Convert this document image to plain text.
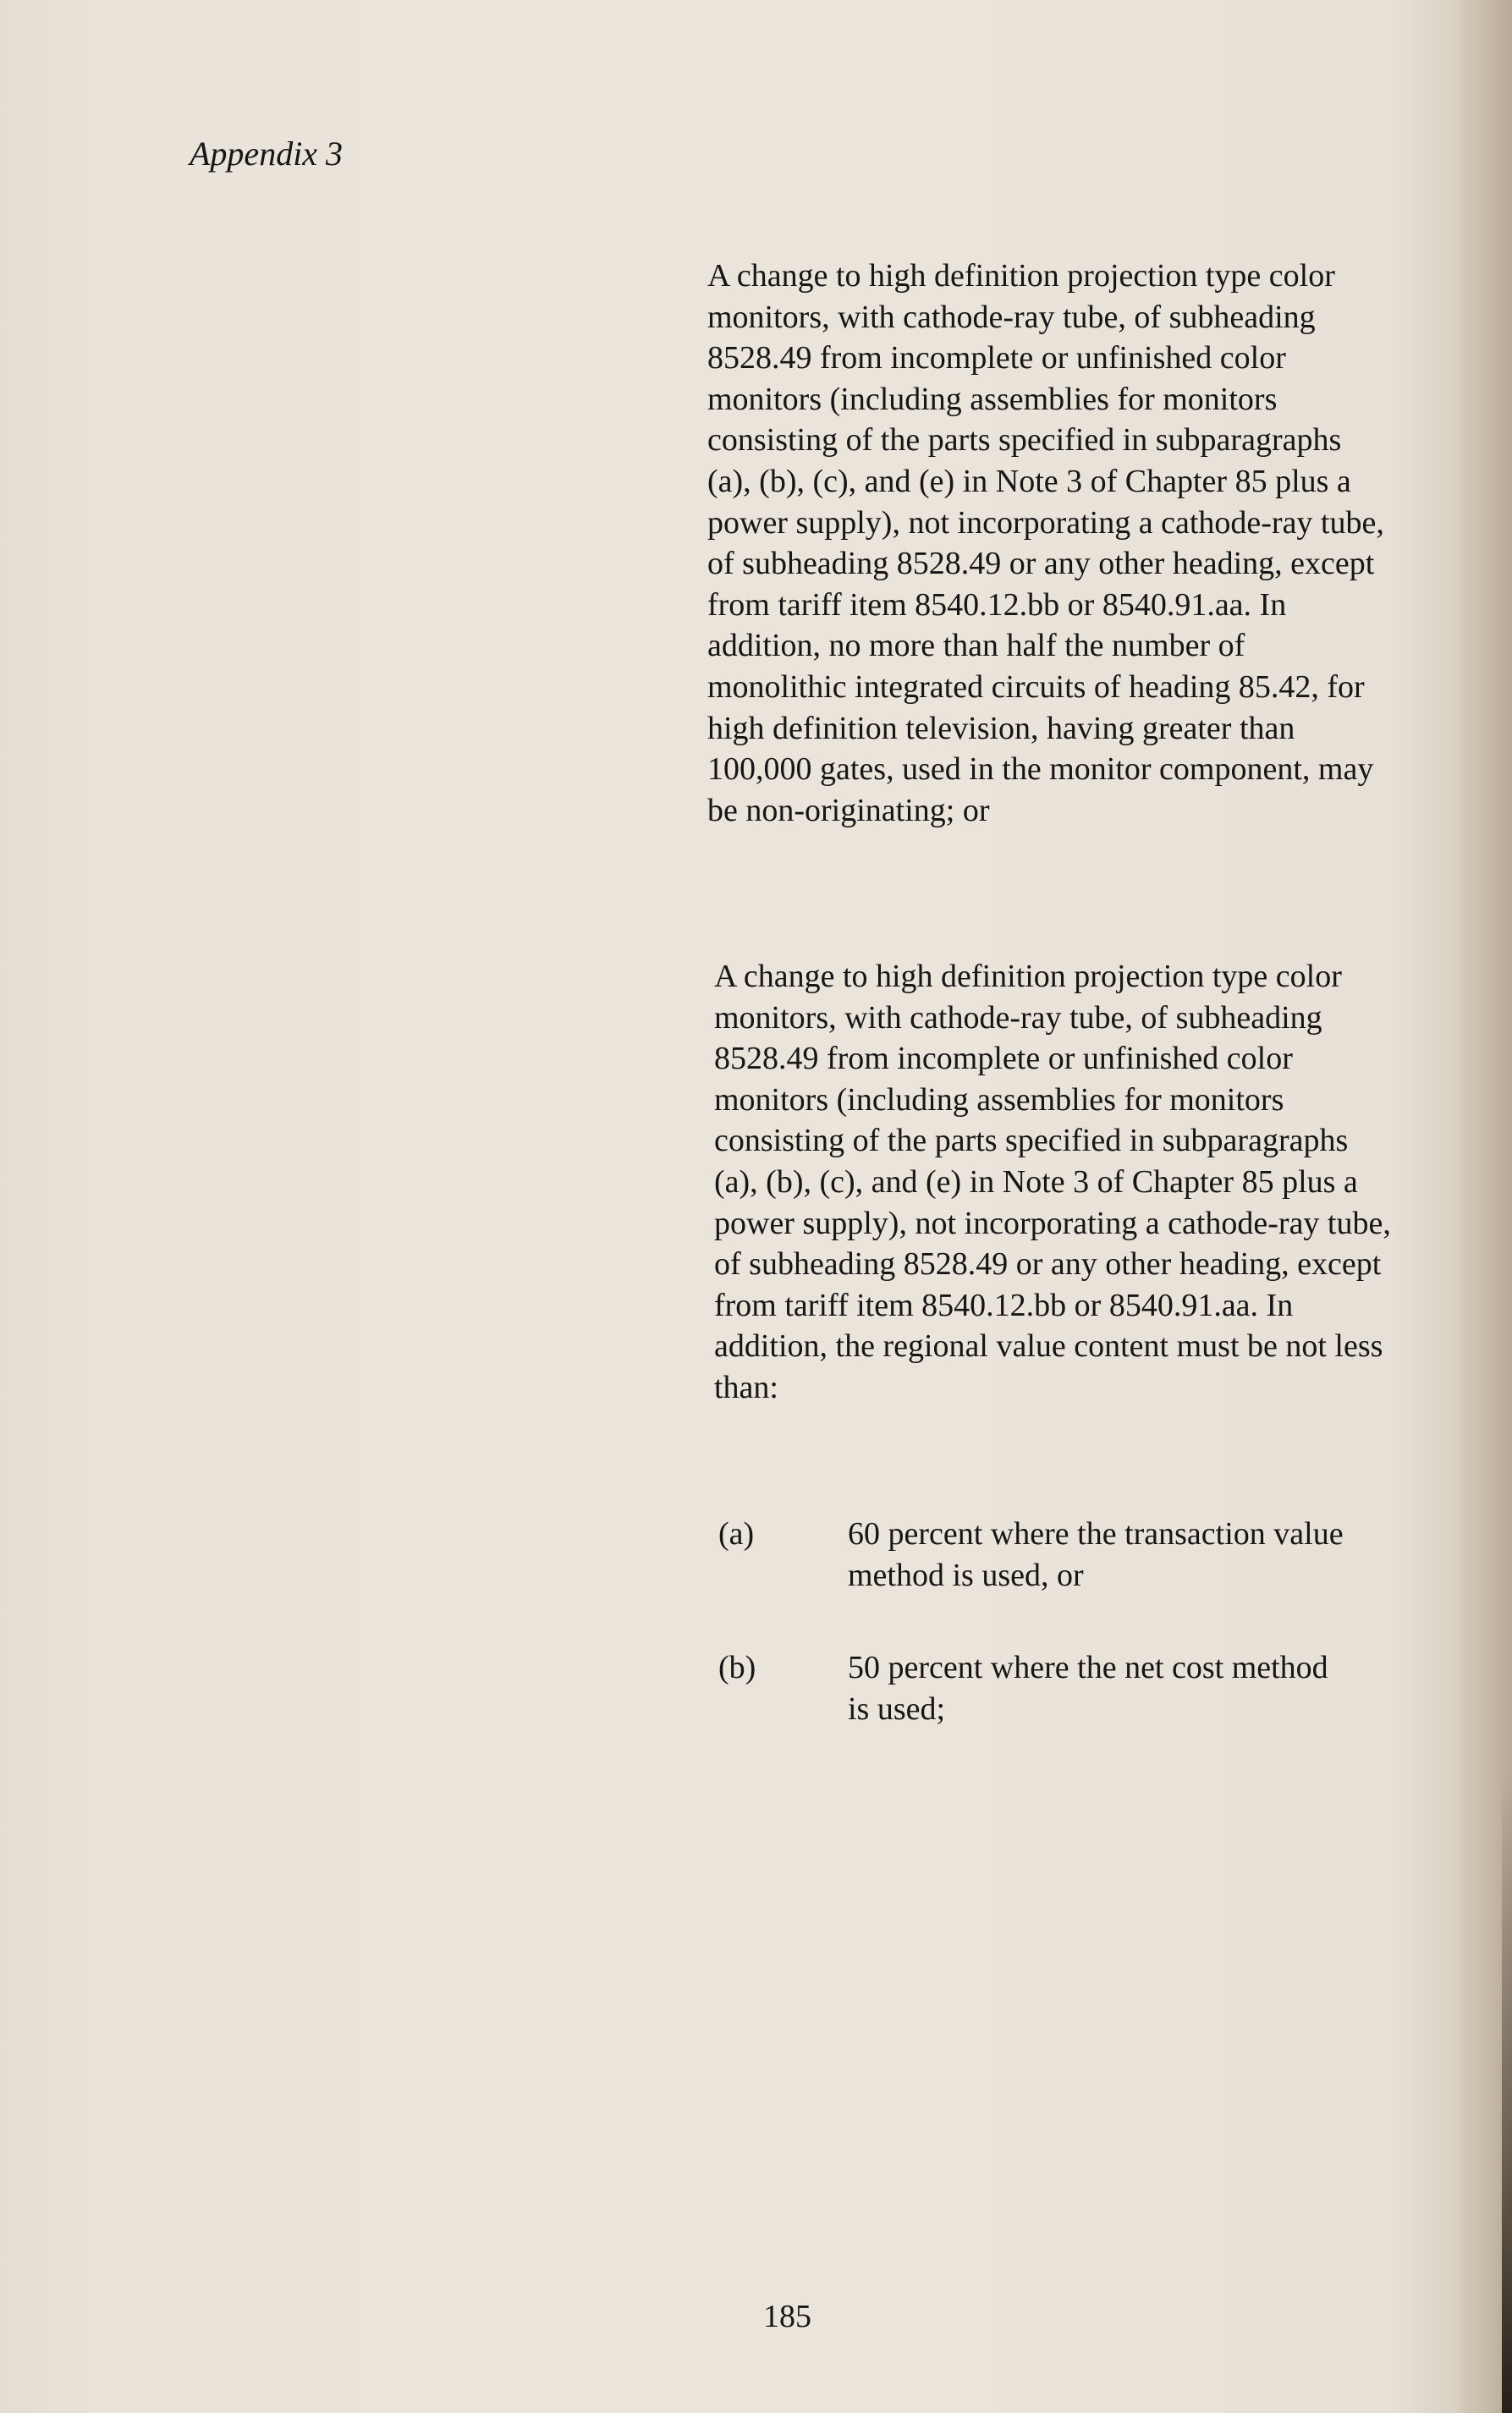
Appendix 3

A change to high definition projection type color monitors, with cathode-ray tube, of subheading 8528.49 from incomplete or unfinished color monitors (including assemblies for monitors consisting of the parts specified in subparagraphs (a), (b), (c), and (e) in Note 3 of Chapter 85 plus a power supply), not incorporating a cathode-ray tube, of subheading 8528.49 or any other heading, except from tariff item 8540.12.bb or 8540.91.aa. In addition, no more than half the number of monolithic integrated circuits of heading 85.42, for high definition television, having greater than 100,000 gates, used in the monitor component, may be non-originating; or

A change to high definition projection type color monitors, with cathode-ray tube, of subheading 8528.49 from incomplete or unfinished color monitors (including assemblies for monitors consisting of the parts specified in subparagraphs (a), (b), (c), and (e) in Note 3 of Chapter 85 plus a power supply), not incorporating a cathode-ray tube, of subheading 8528.49 or any other heading, except from tariff item 8540.12.bb or 8540.91.aa. In addition, the regional value content must be not less than:

(a)	60 percent where the transaction value method is used, or

(b)	50 percent where the net cost method is used;

185
